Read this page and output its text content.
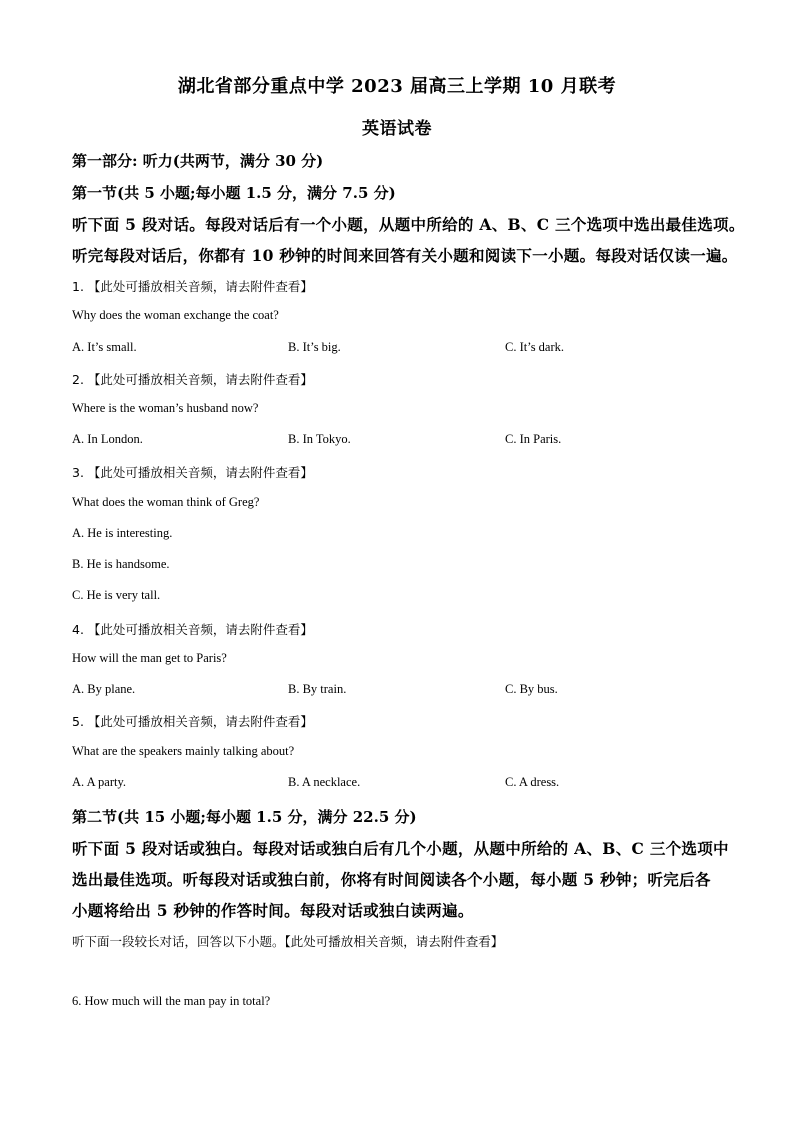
湖北省部分重点中学 2023 届高三上学期 10 月联考
英语试卷
第一部分: 听力(共两节，满分 30 分)
第一节(共 5 小题;每小题 1.5 分，满分 7.5 分)
听下面 5 段对话。每段对话后有一个小题，从题中所给的 A、B、C 三个选项中选出最佳选项。
听完每段对话后，你都有 10 秒钟的时间来回答有关小题和阅读下一小题。每段对话仅读一遍。
1. 【此处可播放相关音频，请去附件查看】
Why does the woman exchange the coat?
A. It’s small.	B. It’s big.	C. It’s dark.
2. 【此处可播放相关音频，请去附件查看】
Where is the woman’s husband now?
A. In London.	B. In Tokyo.	C. In Paris.
3. 【此处可播放相关音频，请去附件查看】
What does the woman think of Greg?
A. He is interesting.
B. He is handsome.
C. He is very tall.
4. 【此处可播放相关音频，请去附件查看】
How will the man get to Paris?
A. By plane.	B. By train.	C. By bus.
5. 【此处可播放相关音频，请去附件查看】
What are the speakers mainly talking about?
A. A party.	B. A necklace.	C. A dress.
第二节(共 15 小题;每小题 1.5 分，满分 22.5 分)
听下面 5 段对话或独白。每段对话或独白后有几个小题，从题中所给的 A、B、C 三个选项中
选出最佳选项。听每段对话或独白前，你将有时间阅读各个小题，每小题 5 秒钟；听完后各
小题将给出 5 秒钟的作答时间。每段对话或独白读两遍。
听下面一段较长对话，回答以下小题。【此处可播放相关音频，请去附件查看】
6. How much will the man pay in total?
